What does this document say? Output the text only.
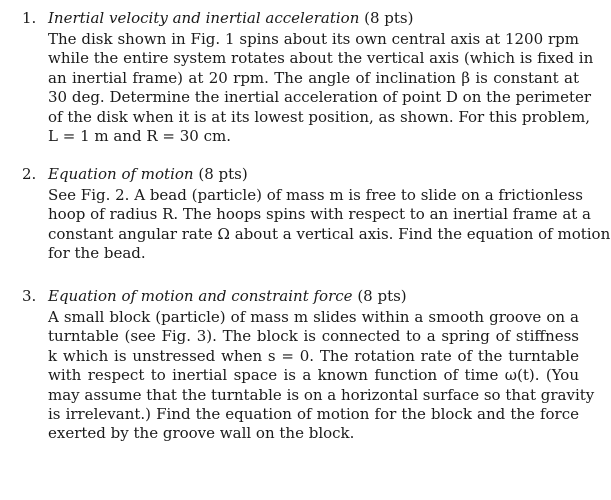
1. Inertial velocity and inertial acceleration (8 pts)
The disk shown in Fig. 1 spins about its own central axis at 1200 rpm
while the entire system rotates about the vertical axis (which is fixed in
an inertial frame) at 20 rpm. The angle of inclination β is constant at
30 deg. Determine the inertial acceleration of point D on the perimeter
of the disk when it is at its lowest position, as shown. For this problem,
L = 1 m and R = 30 cm.
2. Equation of motion (8 pts)
See Fig. 2. A bead (particle) of mass m is free to slide on a frictionless
hoop of radius R. The hoops spins with respect to an inertial frame at a
constant angular rate Ω about a vertical axis. Find the equation of motion
for the bead.
3. Equation of motion and constraint force (8 pts)
A small block (particle) of mass m slides within a smooth groove on a
turntable (see Fig. 3). The block is connected to a spring of stiffness
k which is unstressed when s = 0. The rotation rate of the turntable
with respect to inertial space is a known function of time ω(t). (You
may assume that the turntable is on a horizontal surface so that gravity
is irrelevant.) Find the equation of motion for the block and the force
exerted by the groove wall on the block.
